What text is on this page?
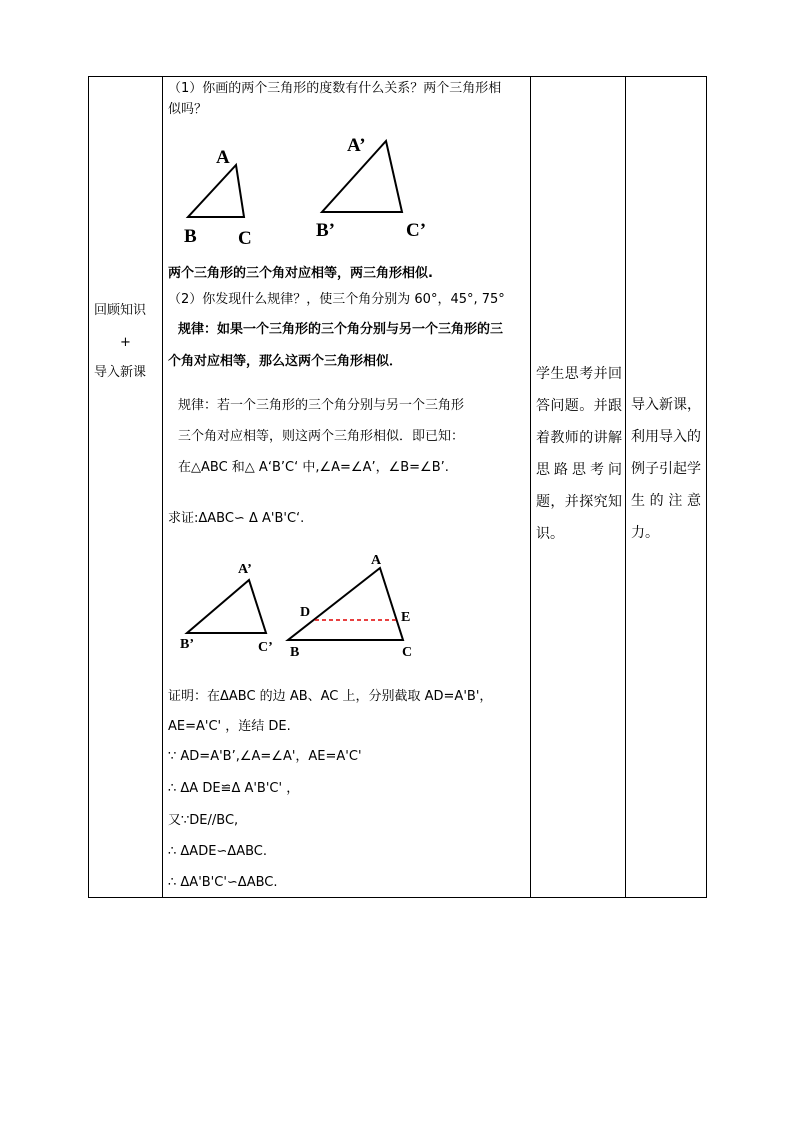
回顾知识
+
导入新课
（1）你画的两个三角形的度数有什么关系？两个三角形相
似吗？
A
B C
A’
B’	C’
两个三角形的三个角对应相等，两三角形相似.
（2）你发现什么规律？，使三个角分别为 60°，45°, 75°
规律：如果一个三角形的三个角分别与另一个三角形的三
个角对应相等，那么这两个三角形相似．
规律：若一个三角形的三个角分别与另一个三角形
三个角对应相等，则这两个三角形相似．即已知：
在△ABC 和△ A‘B’C‘ 中,∠A=∠A’，∠B=∠B’.
求证:ΔABC∽ Δ A'B'C‘.
A’
B’	C’
A
D	E
B	C
证明：在ΔABC 的边 AB、AC 上，分别截取 AD=A'B'，
AE=A'C' ，连结 DE.
∵ AD=A'B’,∠A=∠A'，AE=A'C'
∴ ΔA DE≌Δ A'B'C' ，
又∵DE//BC,
∴ ΔADE∽ΔABC.
∴ ΔA'B'C'∽ΔABC.
学生思考并回答问题。并跟着教师的讲解思路思考问题，并探究知识。
导入新课，利用导入的例子引起学生的注意力。
